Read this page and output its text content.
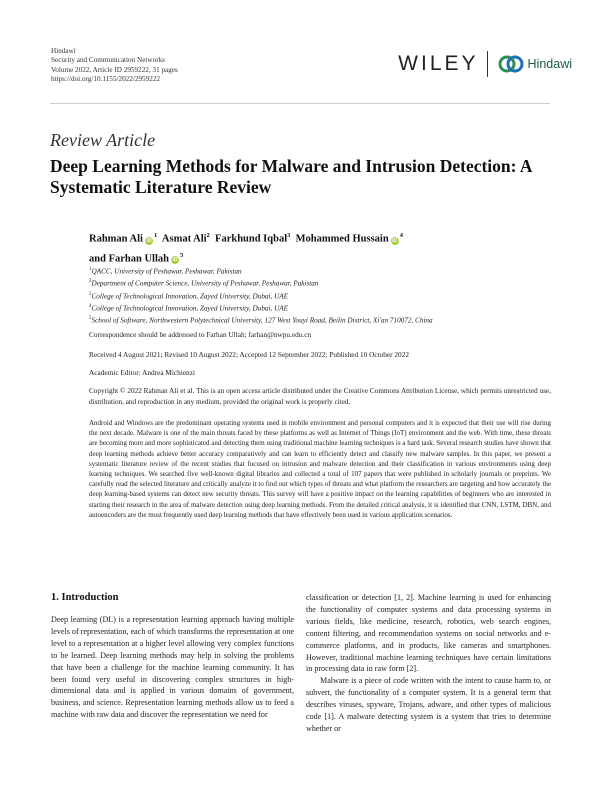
Hindawi
Security and Communication Networks
Volume 2022, Article ID 2959222, 31 pages
https://doi.org/10.1155/2022/2959222
WILEY	Hindawi
Review Article
Deep Learning Methods for Malware and Intrusion Detection: A Systematic Literature Review
Rahman Ali $iD^1$ Asmat Ali$^2$ Farkhund Iqbal$^3$ Mohammed Hussain $iD^4$
and Farhan Ullah $iD^5$
$^1$QACC, University of Peshawar, Peshawar, Pakistan
$^2$Department of Computer Science, University of Peshawar, Peshawar, Pakistan
$^3$College of Technological Innovation, Zayed University, Dubai, UAE
$^4$College of Technological Innovation, Zayed University, Dubai, UAE
$^5$School of Software, Northwestern Polytechnical University, 127 West Youyi Road, Beilin District, Xi'an 710072, China
Correspondence should be addressed to Farhan Ullah; farhan@nwpu.edu.cn
Received 4 August 2021; Revised 10 August 2022; Accepted 12 September 2022; Published 10 October 2022
Academic Editor: Andrea Michienzi
Copyright © 2022 Rahman Ali et al. This is an open access article distributed under the Creative Commons Attribution License, which permits unrestricted use, distribution, and reproduction in any medium, provided the original work is properly cited.
Android and Windows are the predominant operating systems used in mobile environment and personal computers and it is expected that their use will rise during the next decade. Malware is one of the main threats faced by these platforms as well as Internet of Things (IoT) environment and the web. With time, these threats are becoming more and more sophisticated and detecting them using traditional machine learning techniques is a hard task. Several research studies have shown that deep learning methods achieve better accuracy comparatively and can learn to efficiently detect and classify new malware samples. In this paper, we present a systematic literature review of the recent studies that focused on intrusion and malware detection and their classification in various environments using deep learning techniques. We searched five well-known digital libraries and collected a total of 107 papers that were published in scholarly journals or preprints. We carefully read the selected literature and critically analyze it to find out which types of threats and what platform the researchers are targeting and how accurately the deep learning-based systems can detect new security threats. This survey will have a positive impact on the learning capabilities of beginners who are interested in starting their research in the area of malware detection using deep learning methods. From the detailed critical analysis, it is identified that CNN, LSTM, DBN, and autoencoders are the most frequently used deep learning methods that have effectively been used in various application scenarios.
1. Introduction

Deep learning (DL) is a representation learning approach having multiple levels of representation, each of which transforms the representation at one level to a representation at a higher level allowing very complex functions to be learned. Deep learning methods may help in solving the problems that have been a challenge for the machine learning community. It has been found very useful in discovering complex structures in high-dimensional data and is applied in various domains of government, business, and science. Representation learning methods allow us to feed a machine with raw data and discover the representation we need for

classification or detection [1, 2]. Machine learning is used for enhancing the functionality of computer systems and data processing systems in various fields, like medicine, research, robotics, web search engines, content filtering, and recommendation systems on social networks and e-commerce platforms, and in products, like cameras and smartphones. However, traditional machine learning techniques have certain limitations in processing data in raw form [2].

Malware is a piece of code written with the intent to cause harm to, or subvert, the functionality of a computer system. It is a general term that describes viruses, spyware, Trojans, adware, and other types of malicious code [1]. A malware detecting system is a system that tries to determine whether or
